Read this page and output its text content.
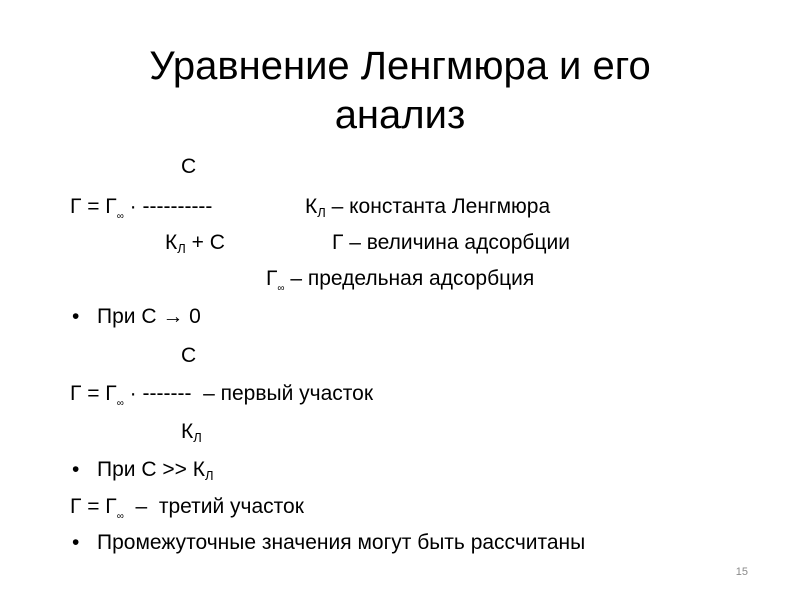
Уравнение Ленгмюра и его
анализ
C
$Г = Г_\infty$ · ----------
КЛ + С
КЛ – константа Ленгмюра
Г – величина адсорбции
$Г_\infty$ – предельная адсорбция
• При С → 0
C
$Г = Г_\infty$ · -------  – первый участок
КЛ
• При С >> КЛ
$Г = Г_\infty$  –  третий участок
• Промежуточные значения могут быть рассчитаны
15
